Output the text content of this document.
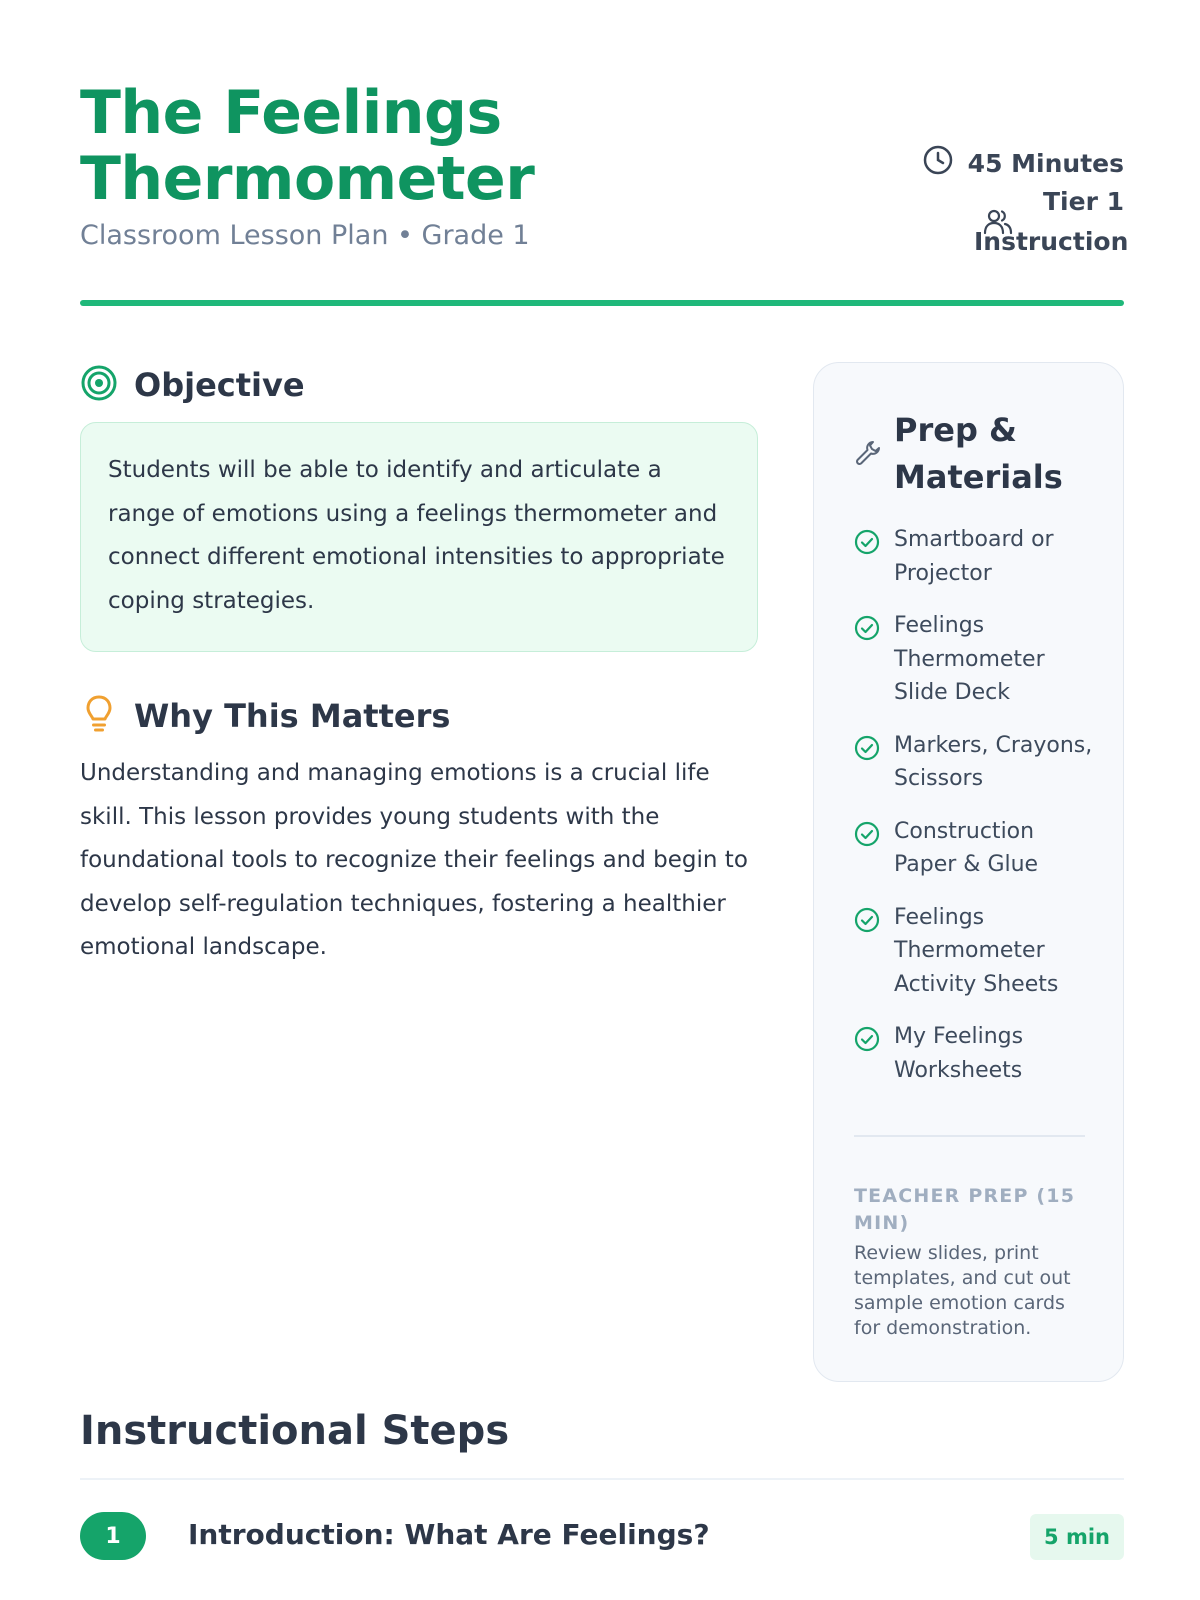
The Feelings Thermometer
Classroom Lesson Plan • Grade 1
45 Minutes
Tier 1 Instruction
Objective
Students will be able to identify and articulate a range of emotions using a feelings thermometer and connect different emotional intensities to appropriate coping strategies.
Why This Matters

Understanding and managing emotions is a crucial life skill. This lesson provides young students with the foundational tools to recognize their feelings and begin to develop self-regulation techniques, fostering a healthier emotional landscape.

Prep & Materials
Smartboard or Projector
Feelings Thermometer Slide Deck
Markers, Crayons, Scissors
Construction Paper & Glue
Feelings Thermometer Activity Sheets
My Feelings Worksheets
TEACHER PREP (15 MIN)

Review slides, print templates, and cut out sample emotion cards for demonstration.

Instructional Steps
1	Introduction: What Are Feelings?	5 min
